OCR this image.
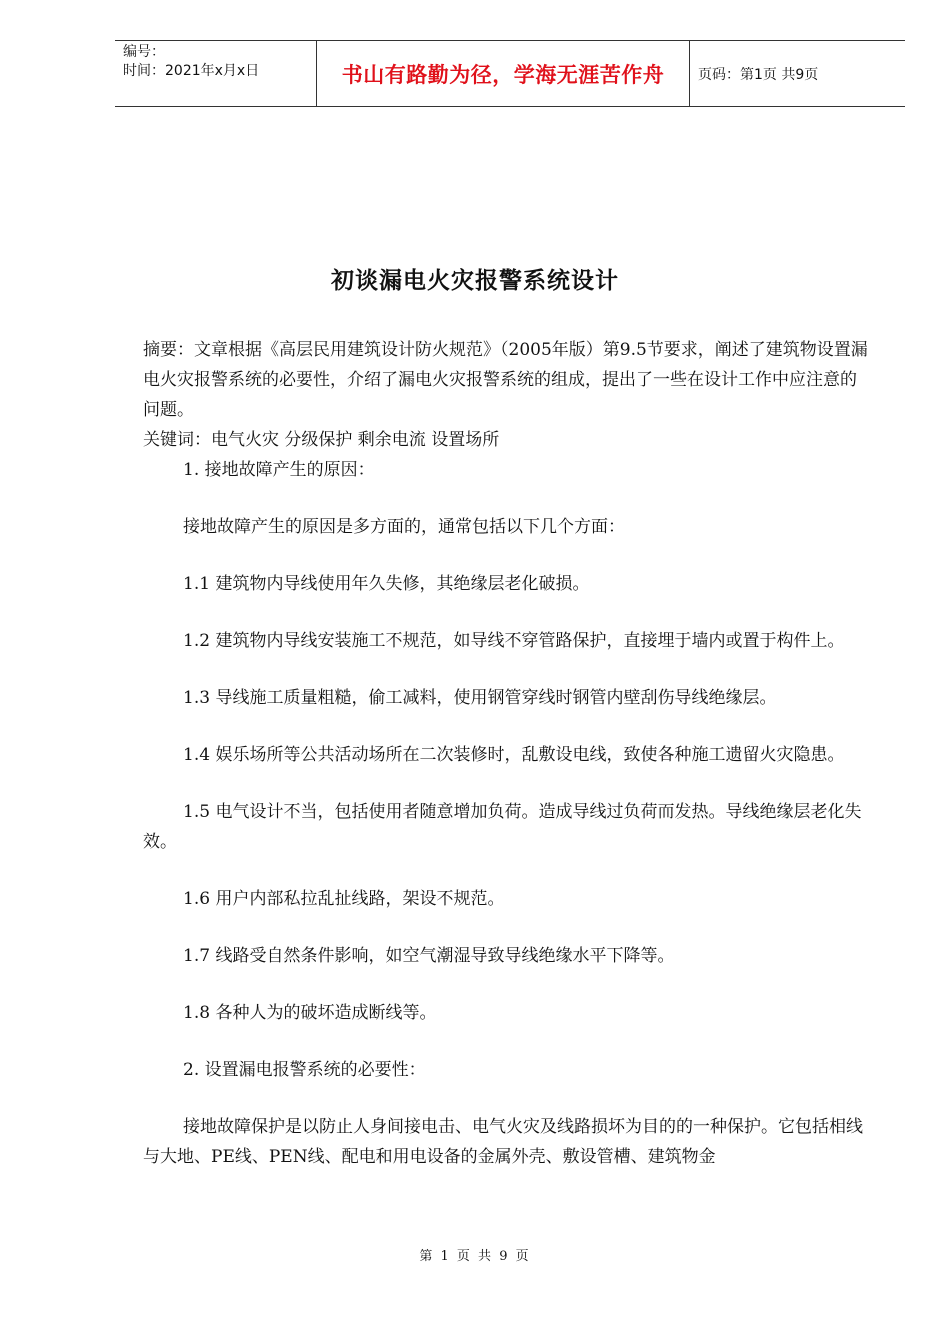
编号：
时间：2021年x月x日	书山有路勤为径，学海无涯苦作舟	页码：第1页 共9页
初谈漏电火灾报警系统设计

摘要：文章根据《高层民用建筑设计防火规范》（2005年版）第9.5节要求，阐述了建筑物设置漏电火灾报警系统的必要性，介绍了漏电火灾报警系统的组成，提出了一些在设计工作中应注意的问题。

关键词：电气火灾 分级保护 剩余电流 设置场所

1. 接地故障产生的原因：

接地故障产生的原因是多方面的，通常包括以下几个方面：

1.1 建筑物内导线使用年久失修，其绝缘层老化破损。

1.2 建筑物内导线安装施工不规范，如导线不穿管路保护，直接埋于墙内或置于构件上。

1.3 导线施工质量粗糙，偷工减料，使用钢管穿线时钢管内壁刮伤导线绝缘层。

1.4 娱乐场所等公共活动场所在二次装修时，乱敷设电线，致使各种施工遗留火灾隐患。

1.5 电气设计不当，包括使用者随意增加负荷。造成导线过负荷而发热。导线绝缘层老化失效。

1.6 用户内部私拉乱扯线路，架设不规范。

1.7 线路受自然条件影响，如空气潮湿导致导线绝缘水平下降等。

1.8 各种人为的破坏造成断线等。

2. 设置漏电报警系统的必要性：

接地故障保护是以防止人身间接电击、电气火灾及线路损坏为目的的一种保护。它包括相线与大地、PE线、PEN线、配电和用电设备的金属外壳、敷设管槽、建筑物金

第 1 页 共 9 页
